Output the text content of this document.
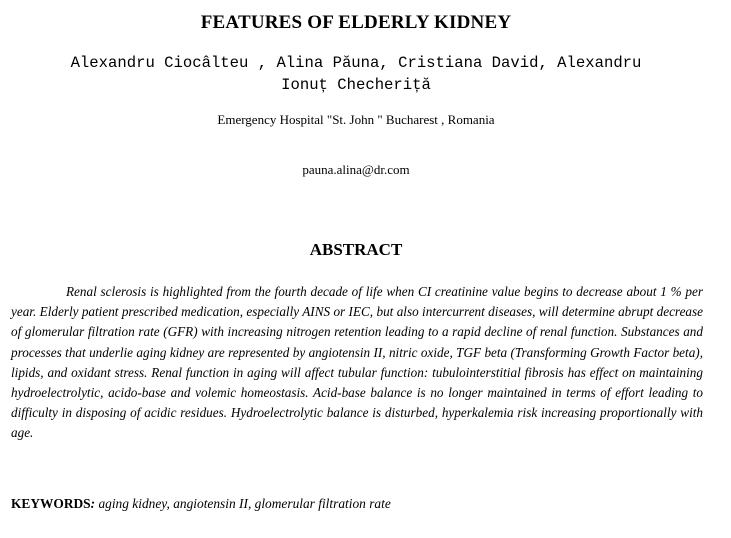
FEATURES OF ELDERLY KIDNEY
Alexandru Ciocâlteu , Alina Păuna, Cristiana David, Alexandru
Ionuț Checheriță
Emergency Hospital "St. John " Bucharest , Romania
pauna.alina@dr.com
ABSTRACT

Renal sclerosis is highlighted from the fourth decade of life when CI creatinine value begins to decrease about 1 % per year. Elderly patient prescribed medication, especially AINS or IEC, but also intercurrent diseases, will determine abrupt decrease of glomerular filtration rate (GFR) with increasing nitrogen retention leading to a rapid decline of renal function. Substances and processes that underlie aging kidney are represented by angiotensin II, nitric oxide, TGF beta (Transforming Growth Factor beta), lipids, and oxidant stress. Renal function in aging will affect tubular function: tubulointerstitial fibrosis has effect on maintaining hydroelectrolytic, acido-base and volemic homeostasis. Acid-base balance is no longer maintained in terms of effort leading to difficulty in disposing of acidic residues. Hydroelectrolytic balance is disturbed, hyperkalemia risk increasing proportionally with age.

KEYWORDS: aging kidney, angiotensin II, glomerular filtration rate
